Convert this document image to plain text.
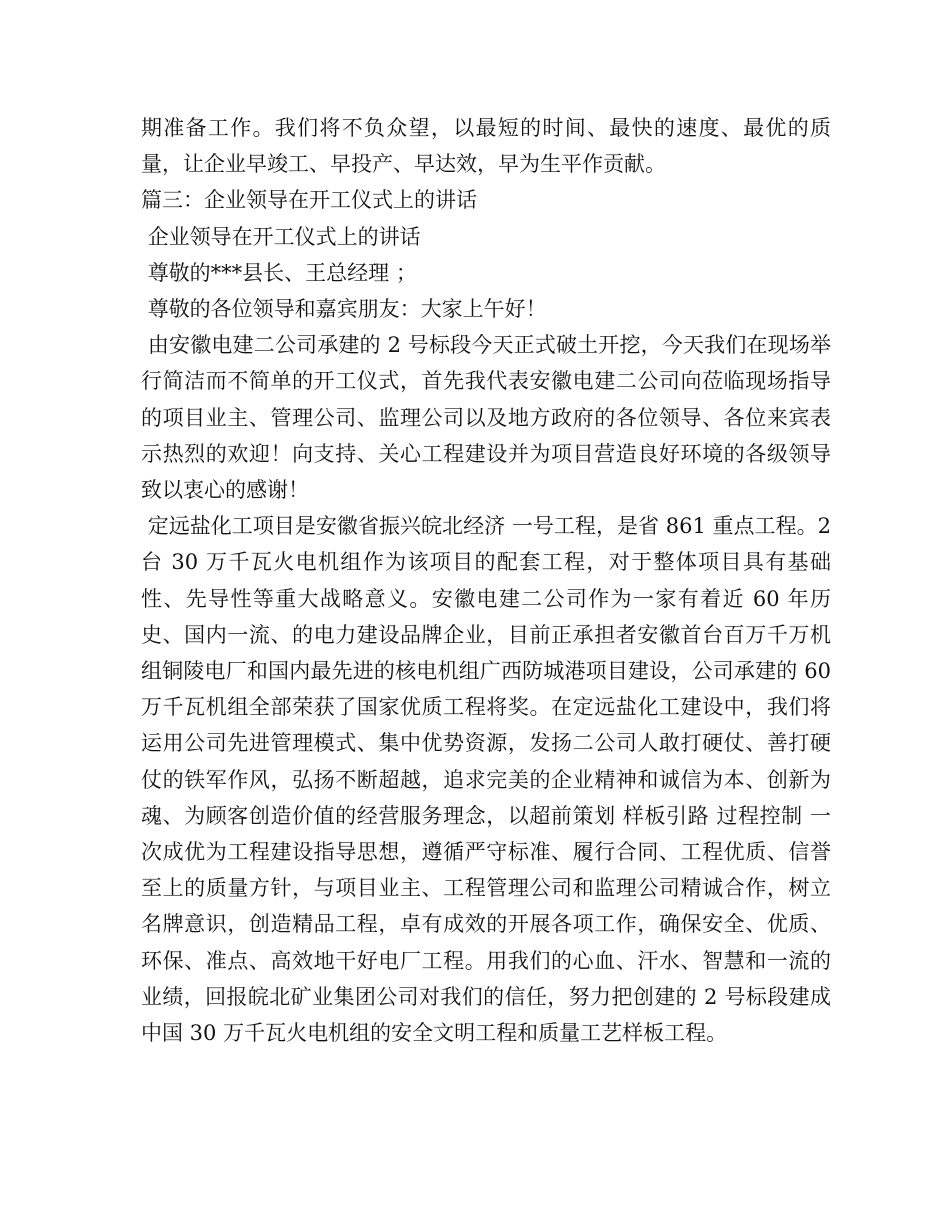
期准备工作。我们将不负众望，以最短的时间、最快的速度、最优的质量，让企业早竣工、早投产、早达效，早为生平作贡献。

篇三：企业领导在开工仪式上的讲话

企业领导在开工仪式上的讲话

尊敬的***县长、王总经理 ；

尊敬的各位领导和嘉宾朋友：大家上午好！

由安徽电建二公司承建的 2 号标段今天正式破土开挖，今天我们在现场举行简洁而不简单的开工仪式，首先我代表安徽电建二公司向莅临现场指导的项目业主、管理公司、监理公司以及地方政府的各位领导、各位来宾表示热烈的欢迎！向支持、关心工程建设并为项目营造良好环境的各级领导致以衷心的感谢！

定远盐化工项目是安徽省振兴皖北经济 一号工程，是省 861 重点工程。2 台 30 万千瓦火电机组作为该项目的配套工程，对于整体项目具有基础性、先导性等重大战略意义。安徽电建二公司作为一家有着近 60 年历史、国内一流、的电力建设品牌企业，目前正承担者安徽首台百万千万机组铜陵电厂和国内最先进的核电机组广西防城港项目建设，公司承建的 60 万千瓦机组全部荣获了国家优质工程将奖。在定远盐化工建设中，我们将运用公司先进管理模式、集中优势资源，发扬二公司人敢打硬仗、善打硬仗的铁军作风，弘扬不断超越，追求完美的企业精神和诚信为本、创新为魂、为顾客创造价值的经营服务理念，以超前策划 样板引路 过程控制 一次成优为工程建设指导思想，遵循严守标准、履行合同、工程优质、信誉至上的质量方针，与项目业主、工程管理公司和监理公司精诚合作，树立名牌意识，创造精品工程，卓有成效的开展各项工作，确保安全、优质、环保、准点、高效地干好电厂工程。用我们的心血、汗水、智慧和一流的业绩，回报皖北矿业集团公司对我们的信任，努力把创建的 2 号标段建成中国 30 万千瓦火电机组的安全文明工程和质量工艺样板工程。
